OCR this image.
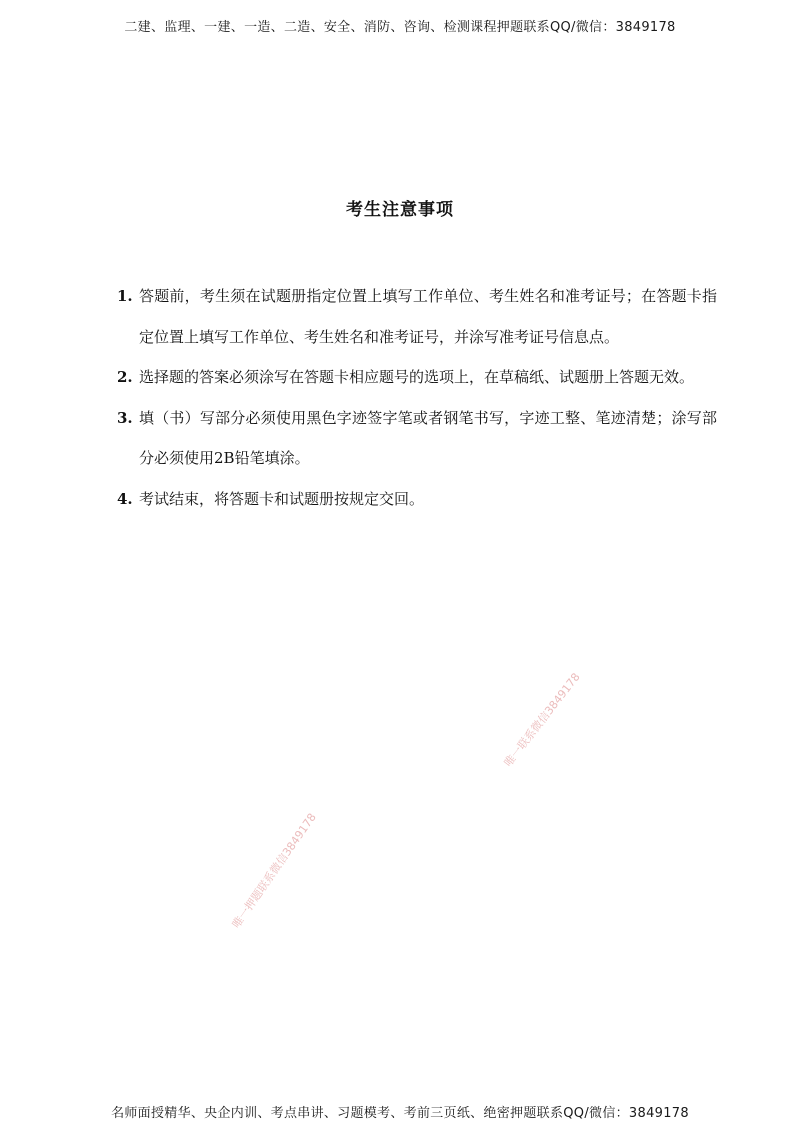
二建、监理、一建、一造、二造、安全、消防、咨询、检测课程押题联系QQ/微信：3849178
考生注意事项
1. 答题前，考生须在试题册指定位置上填写工作单位、考生姓名和准考证号；在答题卡指定位置上填写工作单位、考生姓名和准考证号，并涂写准考证号信息点。
2. 选择题的答案必须涂写在答题卡相应题号的选项上，在草稿纸、试题册上答题无效。
3. 填（书）写部分必须使用黑色字迹签字笔或者钢笔书写，字迹工整、笔迹清楚；涂写部分必须使用2B铅笔填涂。
4. 考试结束，将答题卡和试题册按规定交回。
唯一联系微信3849178
唯一押题联系微信3849178
名师面授精华、央企内训、考点串讲、习题模考、考前三页纸、绝密押题联系QQ/微信：3849178
